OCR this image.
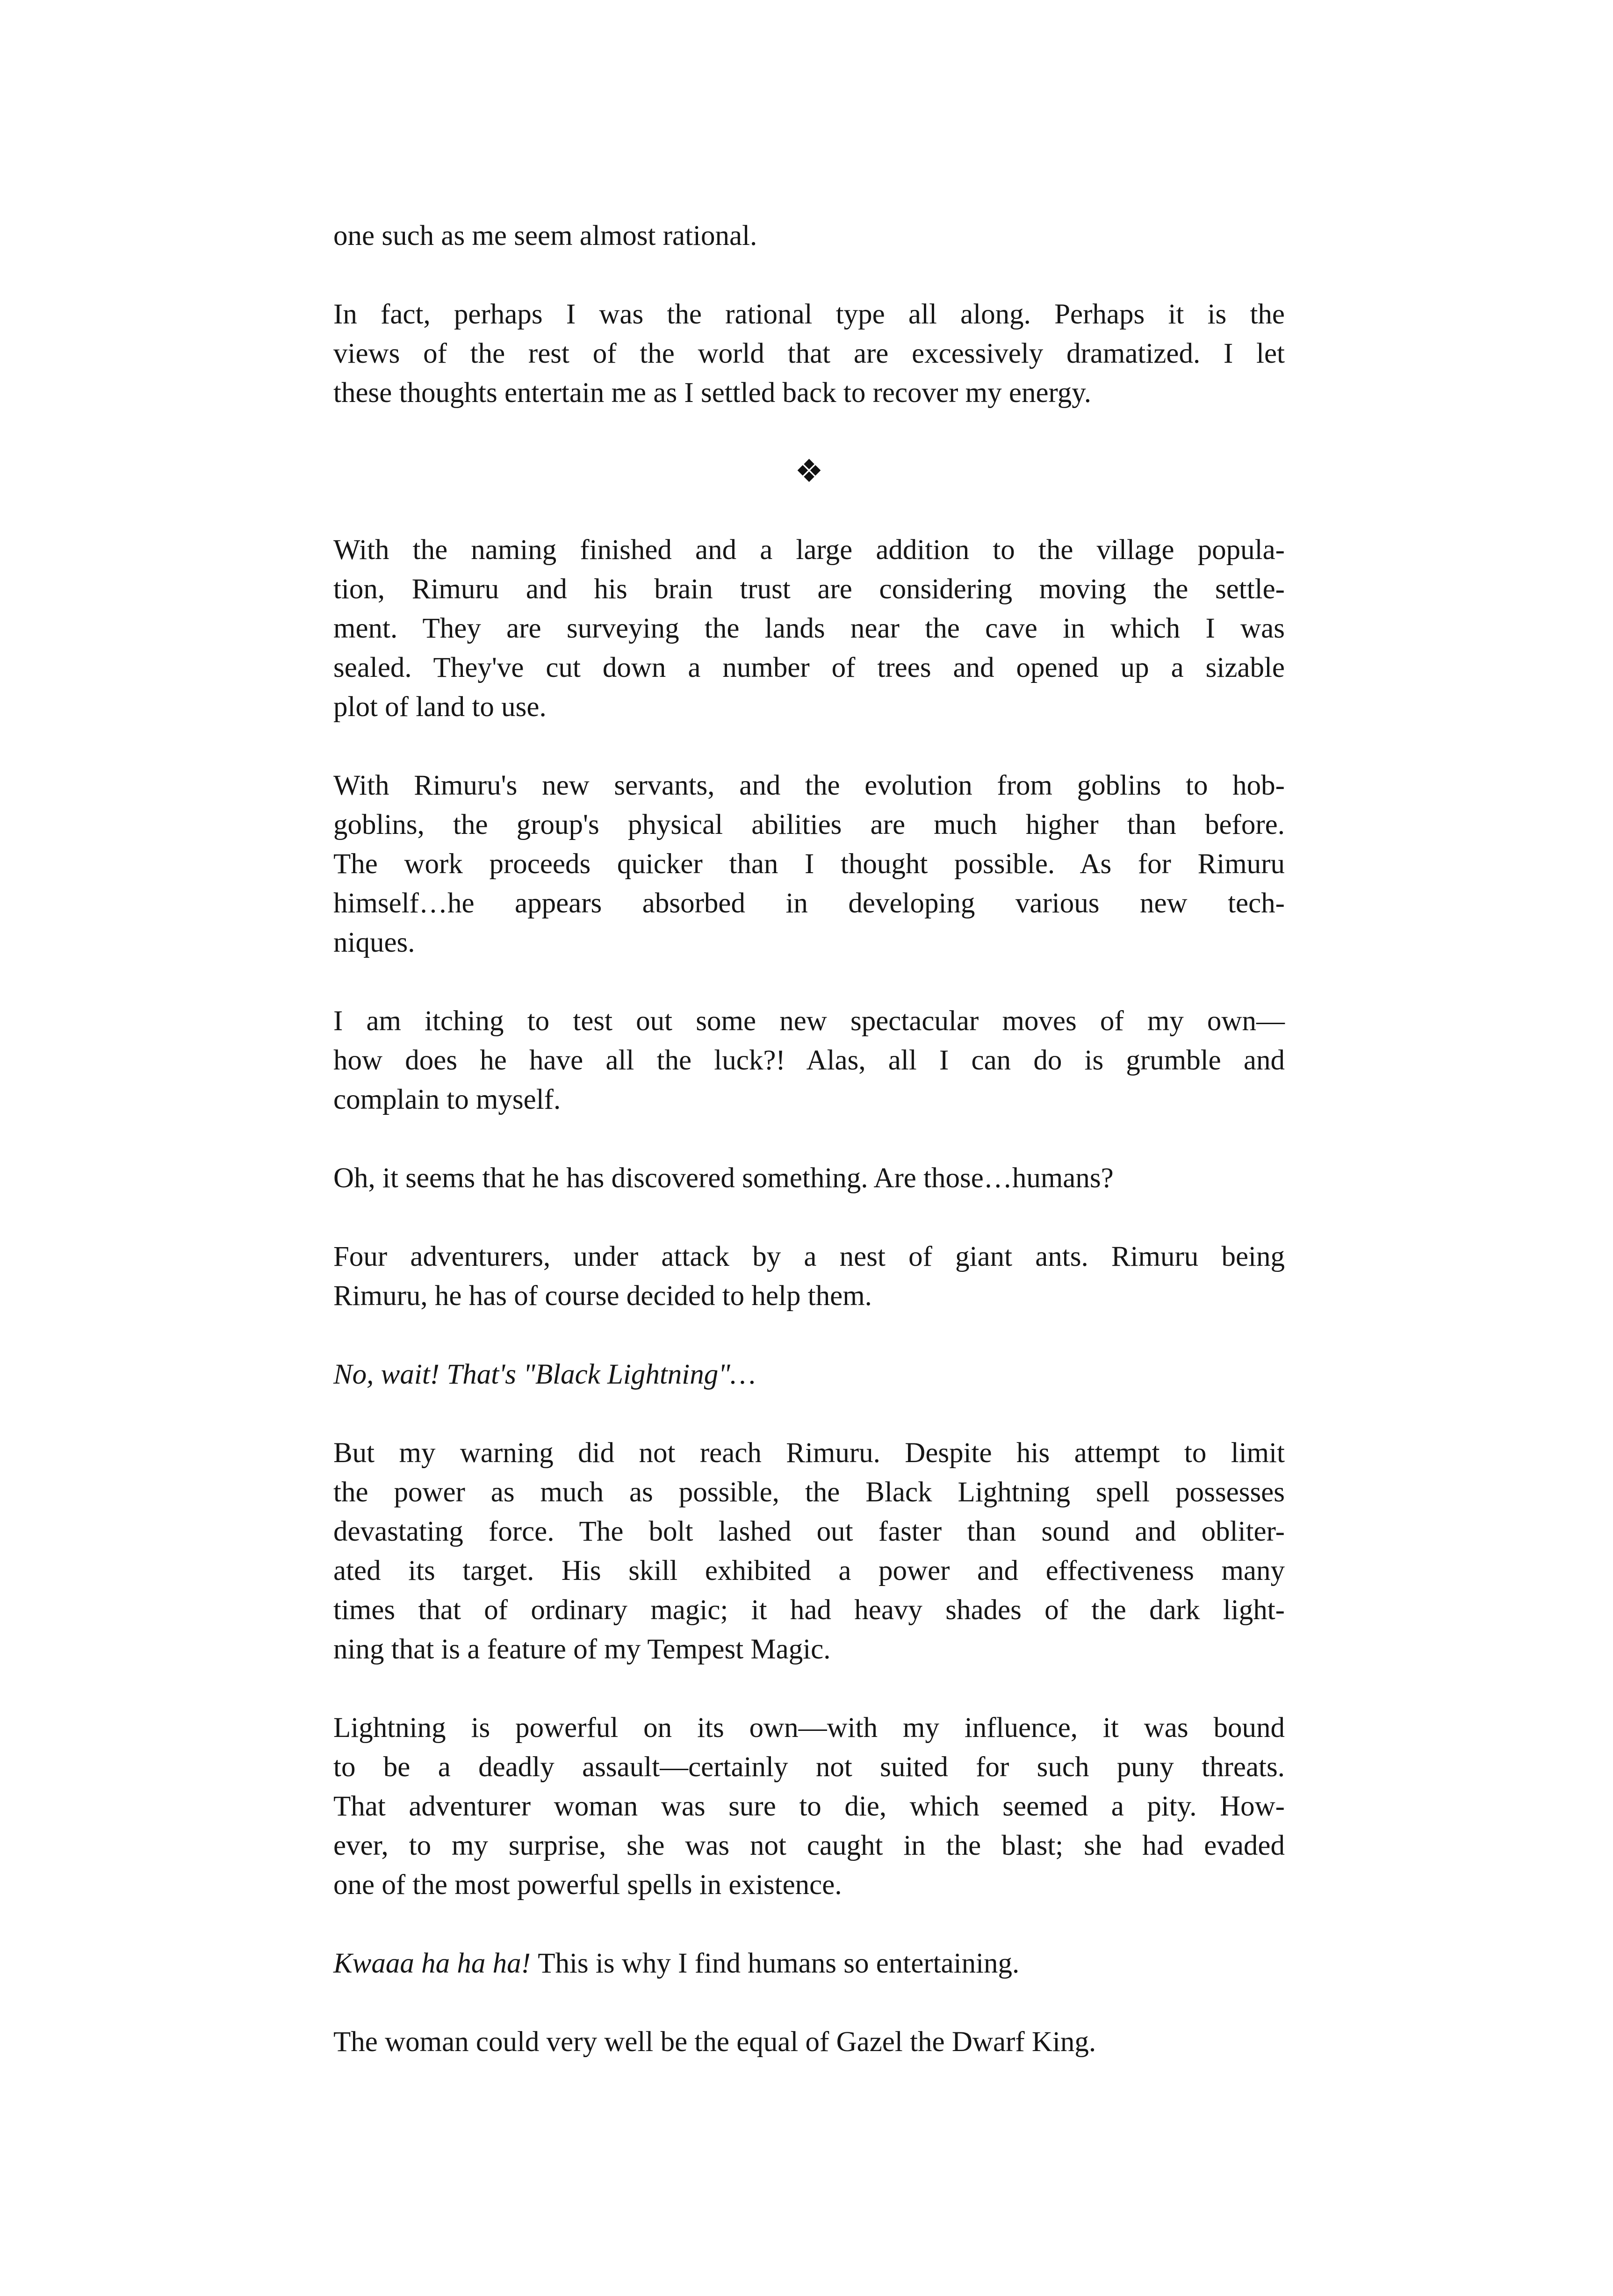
one such as me seem almost rational.
In fact, perhaps I was the rational type all along. Perhaps it is the
views of the rest of the world that are excessively dramatized. I let
these thoughts entertain me as I settled back to recover my energy.
❖
With the naming finished and a large addition to the village popula-
tion, Rimuru and his brain trust are considering moving the settle-
ment. They are surveying the lands near the cave in which I was
sealed. They've cut down a number of trees and opened up a sizable
plot of land to use.
With Rimuru's new servants, and the evolution from goblins to hob-
goblins, the group's physical abilities are much higher than before.
The work proceeds quicker than I thought possible. As for Rimuru
himself…he appears absorbed in developing various new tech-
niques.
I am itching to test out some new spectacular moves of my own—
how does he have all the luck?! Alas, all I can do is grumble and
complain to myself.
Oh, it seems that he has discovered something. Are those…humans?
Four adventurers, under attack by a nest of giant ants. Rimuru being
Rimuru, he has of course decided to help them.
No, wait! That's "Black Lightning"…
But my warning did not reach Rimuru. Despite his attempt to limit
the power as much as possible, the Black Lightning spell possesses
devastating force. The bolt lashed out faster than sound and obliter-
ated its target. His skill exhibited a power and effectiveness many
times that of ordinary magic; it had heavy shades of the dark light-
ning that is a feature of my Tempest Magic.
Lightning is powerful on its own—with my influence, it was bound
to be a deadly assault—certainly not suited for such puny threats.
That adventurer woman was sure to die, which seemed a pity. How-
ever, to my surprise, she was not caught in the blast; she had evaded
one of the most powerful spells in existence.
Kwaaa ha ha ha! This is why I find humans so entertaining.
The woman could very well be the equal of Gazel the Dwarf King.
